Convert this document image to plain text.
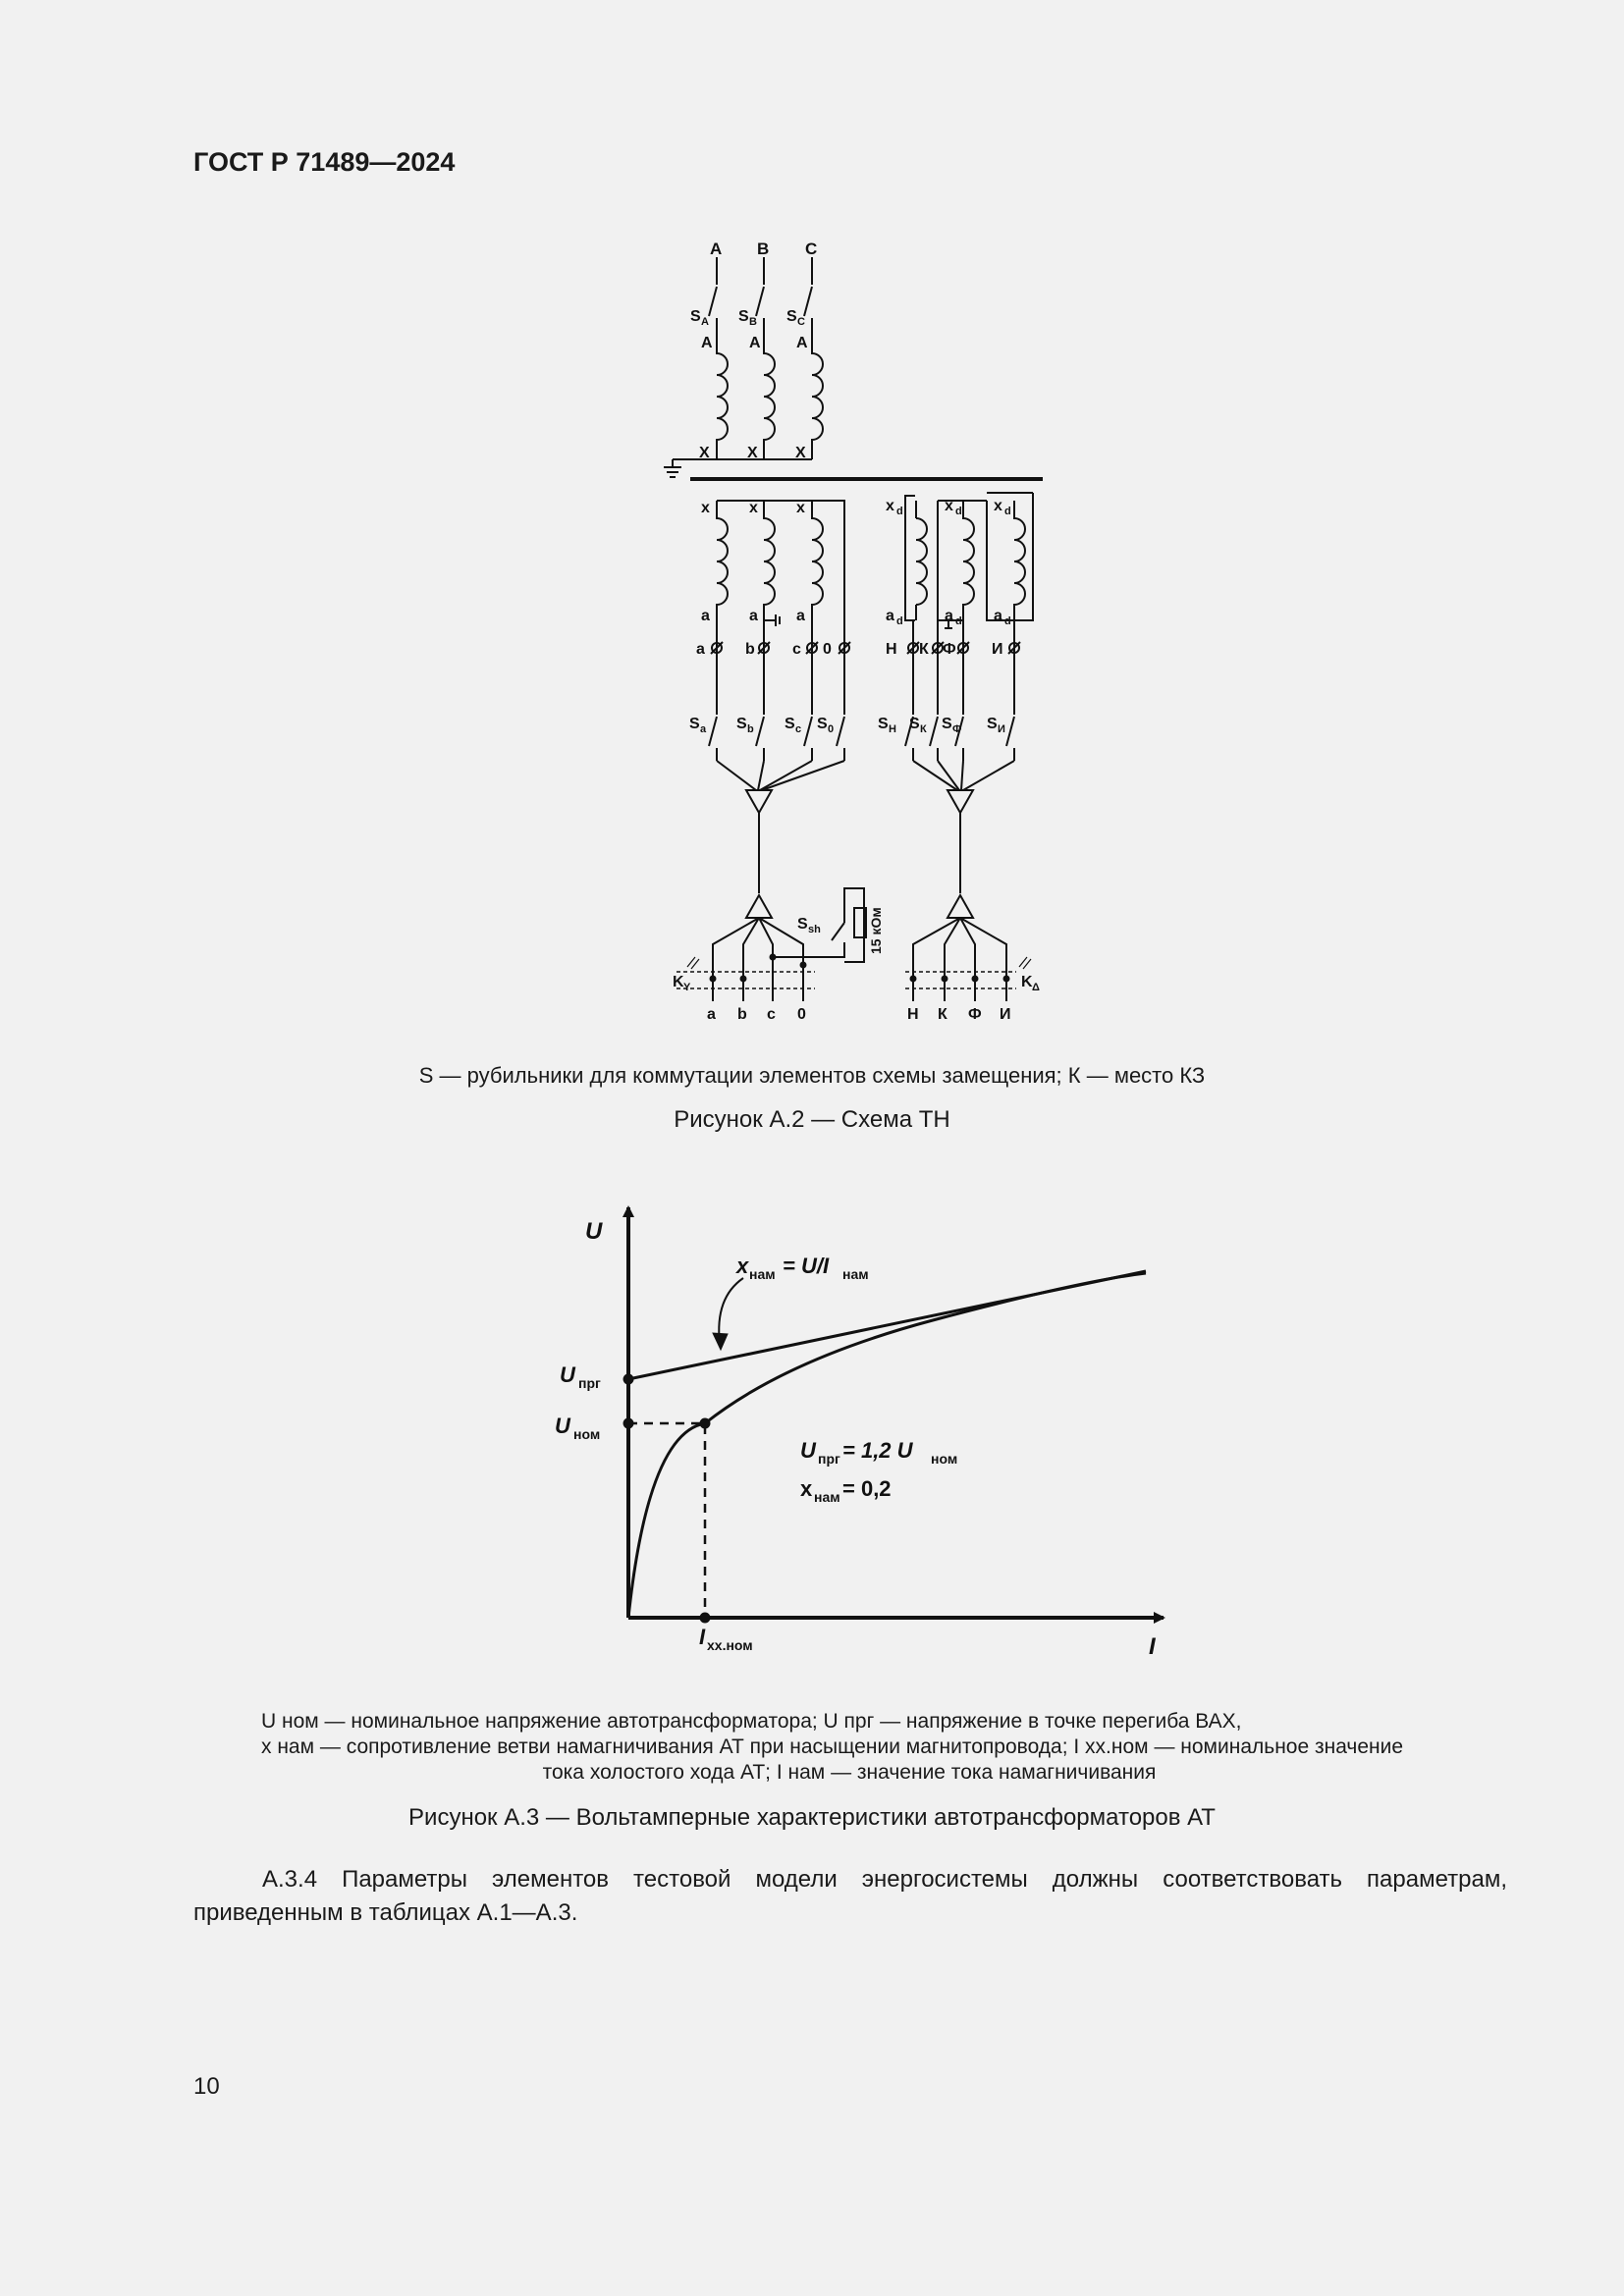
ГОСТ Р 71489—2024
A B C
S A S B S C
A A A
X X X
x	x x
a	a a
a	b c 0
S a S b S c S 0
S sh
K Y
a b c 0
15 кОм
x d	x d x d
a d	a d a d
Н К Ф И
S Н S К S Ф S И
K Δ
Н К Ф И
S — рубильники для коммутации элементов схемы замещения; К — место КЗ
Рисунок А.2 — Схема ТН
U
I
U прг
U ном
I хх.ном
x нам = U/I нам
U прг = 1,2 U ном
x нам = 0,2
U ном — номинальное напряжение автотрансформатора; U прг — напряжение в точке перегиба ВАХ,
x нам — сопротивление ветви намагничивания АТ при насыщении магнитопровода; I хх.ном — номинальное значение
тока холостого хода АТ; I нам — значение тока намагничивания
Рисунок А.3 — Вольтамперные характеристики автотрансформаторов АТ
А.3.4 Параметры элементов тестовой модели энергосистемы должны соответствовать параметрам, приведенным в таблицах А.1—А.3.
10
